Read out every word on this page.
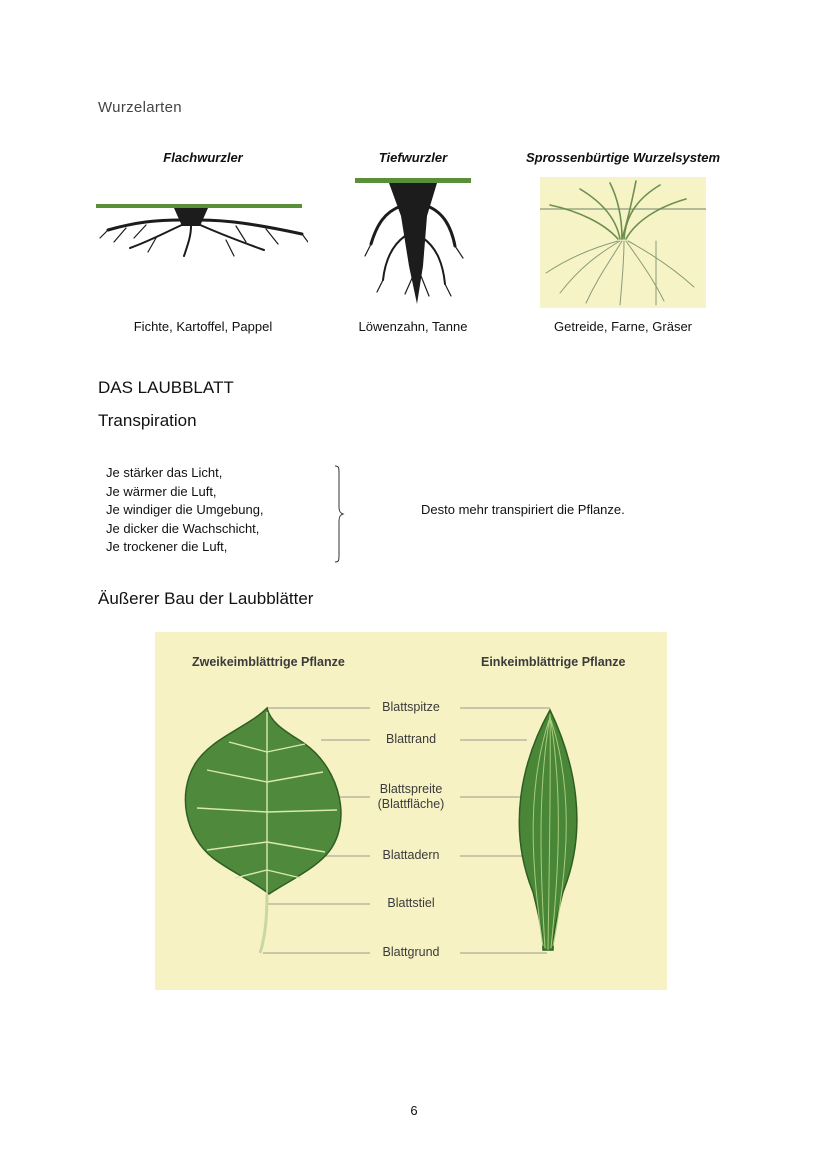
Wurzelarten
Flachwurzler
Fichte, Kartoffel, Pappel
Tiefwurzler
Löwenzahn, Tanne
Sprossenbürtige Wurzelsystem
Getreide, Farne, Gräser
DAS LAUBBLATT
Transpiration
Je stärker das Licht,
Je wärmer die Luft,
Je windiger die Umgebung,
Je dicker die Wachschicht,
Je trockener die Luft,
Desto mehr transpiriert die Pflanze.
Äußerer Bau der Laubblätter
Zweikeimblättrige Pflanze	Einkeimblättrige Pflanze
Blattspitze
Blattrand
Blattspreite
(Blattfläche)
Blattadern
Blattstiel
Blattgrund
6
